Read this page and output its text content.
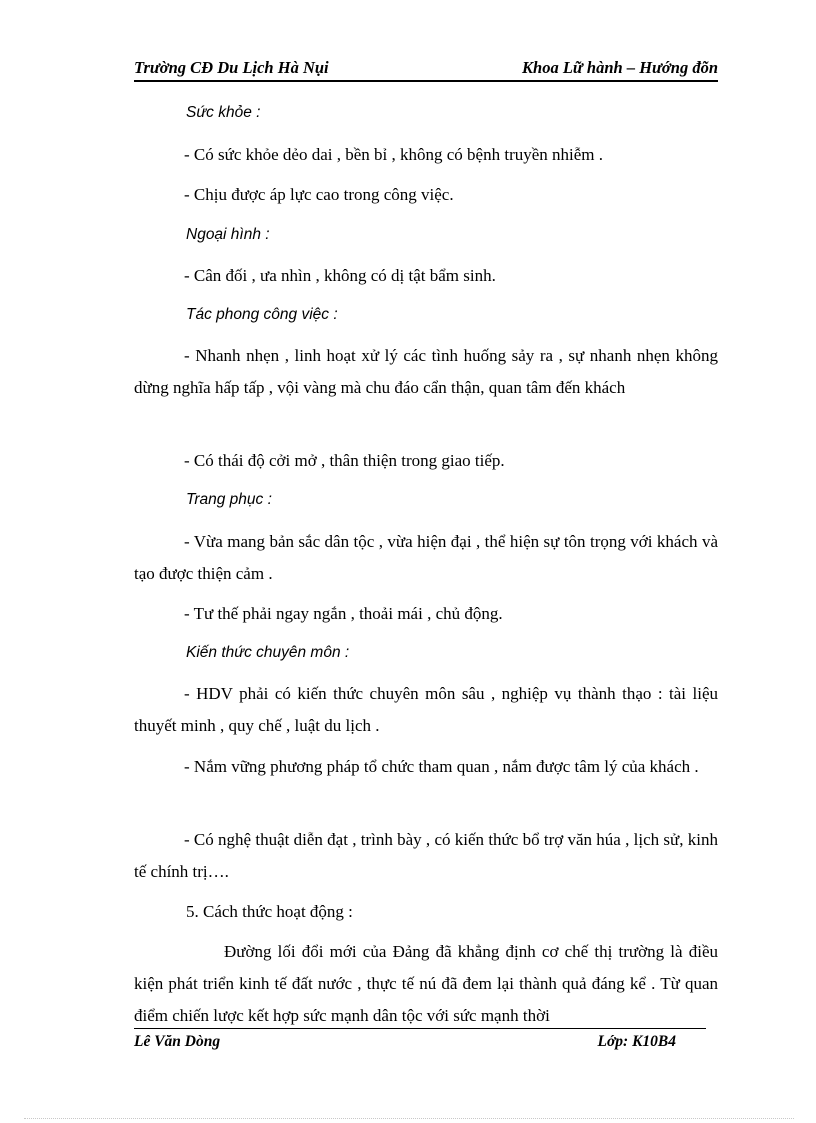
Trường CĐ Du Lịch Hà Nụi	Khoa Lữ hành – Hướng đõn
Sức khỏe :
- Có sức khỏe dẻo dai , bền bỉ , không có bệnh truyền nhiễm .
- Chịu được áp lực cao trong công việc.
Ngoại hình :
- Cân đối , ưa nhìn , không có dị tật bẩm sinh.
Tác phong công việc :
- Nhanh nhẹn , linh hoạt xử lý các tình huống sảy ra , sự nhanh nhẹn không dừng nghĩa hấp tấp , vội vàng mà chu đáo cẩn thận, quan tâm đến khách
- Có thái độ cởi mở , thân thiện trong giao tiếp.
Trang phục :
- Vừa mang bản sắc dân tộc , vừa hiện đại , thể hiện sự tôn trọng với khách và tạo được thiện cảm .
- Tư thế phải ngay ngắn , thoải mái , chủ động.
Kiến thức chuyên môn :
- HDV phải có kiến thức chuyên môn sâu , nghiệp vụ thành thạo : tài liệu thuyết minh , quy chế , luật du lịch .
- Nắm vững phương pháp tổ chức tham quan , nắm được tâm lý của khách .
- Có nghệ thuật diễn đạt , trình bày , có kiến thức bổ trợ văn húa , lịch sử, kinh tế chính trị….
5. Cách thức hoạt động :
Đường lối đổi mới của Đảng đã khẳng định cơ chế thị trường là điều kiện phát triển kinh tế đất nước , thực tế nú đã đem lại thành quả đáng kể . Từ quan điểm chiến lược kết hợp sức mạnh dân tộc với sức mạnh thời
Lê Văn Dòng	Lớp: K10B4
